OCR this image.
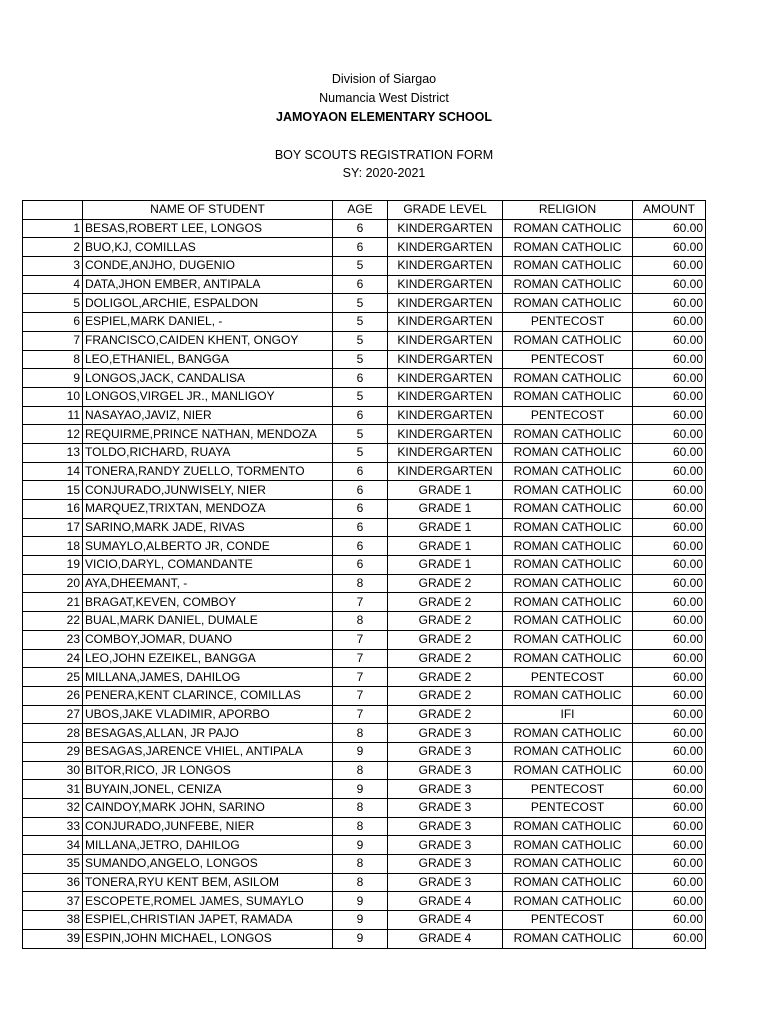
Division of Siargao
Numancia West District
JAMOYAON ELEMENTARY SCHOOL
BOY SCOUTS REGISTRATION FORM
SY: 2020-2021
	NAME OF STUDENT	AGE	GRADE LEVEL	RELIGION	AMOUNT
1	BESAS,ROBERT LEE, LONGOS	6	KINDERGARTEN	ROMAN CATHOLIC	60.00
2	BUO,KJ, COMILLAS	6	KINDERGARTEN	ROMAN CATHOLIC	60.00
3	CONDE,ANJHO, DUGENIO	5	KINDERGARTEN	ROMAN CATHOLIC	60.00
4	DATA,JHON EMBER, ANTIPALA	6	KINDERGARTEN	ROMAN CATHOLIC	60.00
5	DOLIGOL,ARCHIE, ESPALDON	5	KINDERGARTEN	ROMAN CATHOLIC	60.00
6	ESPIEL,MARK DANIEL, -	5	KINDERGARTEN	PENTECOST	60.00
7	FRANCISCO,CAIDEN KHENT, ONGOY	5	KINDERGARTEN	ROMAN CATHOLIC	60.00
8	LEO,ETHANIEL, BANGGA	5	KINDERGARTEN	PENTECOST	60.00
9	LONGOS,JACK, CANDALISA	6	KINDERGARTEN	ROMAN CATHOLIC	60.00
10	LONGOS,VIRGEL JR., MANLIGOY	5	KINDERGARTEN	ROMAN CATHOLIC	60.00
11	NASAYAO,JAVIZ, NIER	6	KINDERGARTEN	PENTECOST	60.00
12	REQUIRME,PRINCE NATHAN, MENDOZA	5	KINDERGARTEN	ROMAN CATHOLIC	60.00
13	TOLDO,RICHARD, RUAYA	5	KINDERGARTEN	ROMAN CATHOLIC	60.00
14	TONERA,RANDY ZUELLO, TORMENTO	6	KINDERGARTEN	ROMAN CATHOLIC	60.00
15	CONJURADO,JUNWISELY, NIER	6	GRADE 1	ROMAN CATHOLIC	60.00
16	MARQUEZ,TRIXTAN, MENDOZA	6	GRADE 1	ROMAN CATHOLIC	60.00
17	SARINO,MARK JADE, RIVAS	6	GRADE 1	ROMAN CATHOLIC	60.00
18	SUMAYLO,ALBERTO JR, CONDE	6	GRADE 1	ROMAN CATHOLIC	60.00
19	VICIO,DARYL, COMANDANTE	6	GRADE 1	ROMAN CATHOLIC	60.00
20	AYA,DHEEMANT, -	8	GRADE 2	ROMAN CATHOLIC	60.00
21	BRAGAT,KEVEN, COMBOY	7	GRADE 2	ROMAN CATHOLIC	60.00
22	BUAL,MARK DANIEL, DUMALE	8	GRADE 2	ROMAN CATHOLIC	60.00
23	COMBOY,JOMAR, DUANO	7	GRADE 2	ROMAN CATHOLIC	60.00
24	LEO,JOHN EZEIKEL, BANGGA	7	GRADE 2	ROMAN CATHOLIC	60.00
25	MILLANA,JAMES, DAHILOG	7	GRADE 2	PENTECOST	60.00
26	PENERA,KENT CLARINCE, COMILLAS	7	GRADE 2	ROMAN CATHOLIC	60.00
27	UBOS,JAKE VLADIMIR, APORBO	7	GRADE 2	IFI	60.00
28	BESAGAS,ALLAN, JR PAJO	8	GRADE 3	ROMAN CATHOLIC	60.00
29	BESAGAS,JARENCE VHIEL, ANTIPALA	9	GRADE 3	ROMAN CATHOLIC	60.00
30	BITOR,RICO, JR LONGOS	8	GRADE 3	ROMAN CATHOLIC	60.00
31	BUYAIN,JONEL, CENIZA	9	GRADE 3	PENTECOST	60.00
32	CAINDOY,MARK JOHN, SARINO	8	GRADE 3	PENTECOST	60.00
33	CONJURADO,JUNFEBE, NIER	8	GRADE 3	ROMAN CATHOLIC	60.00
34	MILLANA,JETRO, DAHILOG	9	GRADE 3	ROMAN CATHOLIC	60.00
35	SUMANDO,ANGELO, LONGOS	8	GRADE 3	ROMAN CATHOLIC	60.00
36	TONERA,RYU KENT BEM, ASILOM	8	GRADE 3	ROMAN CATHOLIC	60.00
37	ESCOPETE,ROMEL JAMES, SUMAYLO	9	GRADE 4	ROMAN CATHOLIC	60.00
38	ESPIEL,CHRISTIAN JAPET, RAMADA	9	GRADE 4	PENTECOST	60.00
39	ESPIN,JOHN MICHAEL, LONGOS	9	GRADE 4	ROMAN CATHOLIC	60.00
